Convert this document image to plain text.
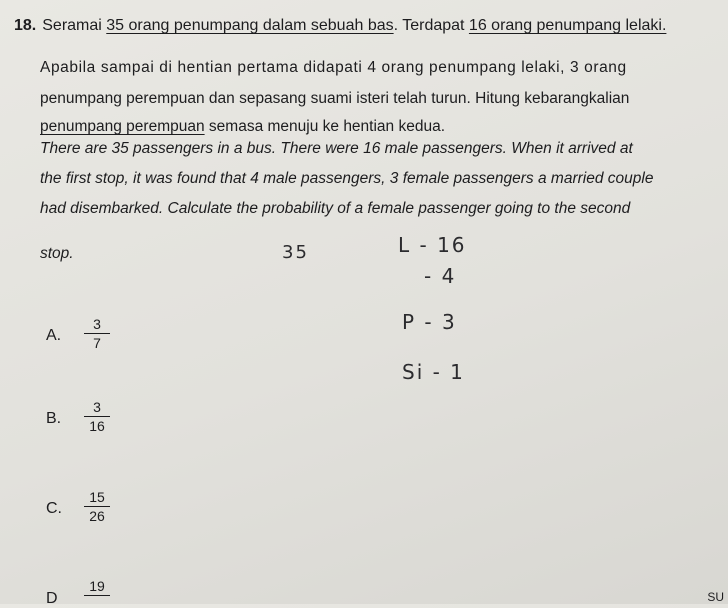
18. Seramai 35 orang penumpang dalam sebuah bas. Terdapat 16 orang penumpang lelaki.
Apabila sampai di hentian pertama didapati 4 orang penumpang lelaki, 3 orang
penumpang perempuan dan sepasang suami isteri telah turun. Hitung kebarangkalian
penumpang perempuan semasa menuju ke hentian kedua.
There are 35 passengers in a bus. There were 16 male passengers. When it arrived at
the first stop, it was found that 4 male passengers, 3 female passengers a married couple
had disembarked. Calculate the probability of a female passenger going to the second
stop.
A. $\frac{3}{7}$
B. $\frac{3}{16}$
C. $\frac{15}{26}$
D
19
35	L - 16
- 4
P - 3
Si - 1
SU
